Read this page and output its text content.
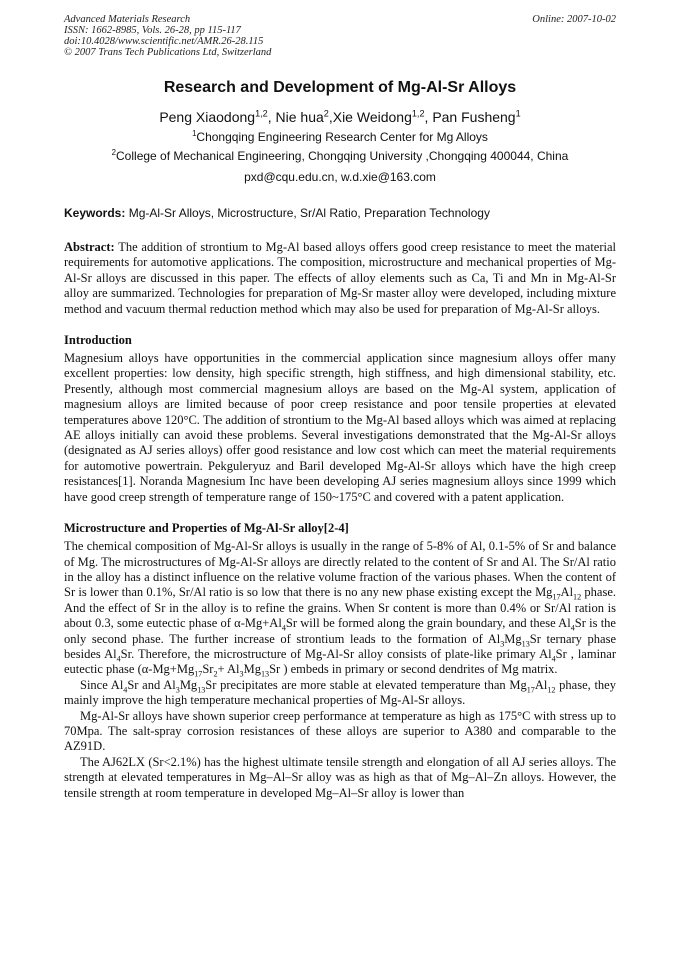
Advanced Materials Research
ISSN: 1662-8985, Vols. 26-28, pp 115-117
doi:10.4028/www.scientific.net/AMR.26-28.115
© 2007 Trans Tech Publications Ltd, Switzerland
Online: 2007-10-02
Research and Development of Mg-Al-Sr Alloys
Peng Xiaodong$^{1,2}$, Nie hua$^2$,Xie Weidong$^{1,2}$, Pan Fusheng$^1$
$^1$Chongqing Engineering Research Center for Mg Alloys
$^2$College of Mechanical Engineering, Chongqing University ,Chongqing 400044, China
pxd@cqu.edu.cn, w.d.xie@163.com
Keywords: Mg-Al-Sr Alloys, Microstructure, Sr/Al Ratio, Preparation Technology
Abstract: The addition of strontium to Mg-Al based alloys offers good creep resistance to meet the material requirements for automotive applications. The composition, microstructure and mechanical properties of Mg-Al-Sr alloys are discussed in this paper. The effects of alloy elements such as Ca, Ti and Mn in Mg-Al-Sr alloy are summarized. Technologies for preparation of Mg-Sr master alloy were developed, including mixture method and vacuum thermal reduction method which may also be used for preparation of Mg-Al-Sr alloys.
Introduction

Magnesium alloys have opportunities in the commercial application since magnesium alloys offer many excellent properties: low density, high specific strength, high stiffness, and high dimensional stability, etc. Presently, although most commercial magnesium alloys are based on the Mg-Al system, application of magnesium alloys are limited because of poor creep resistance and poor tensile properties at elevated temperatures above 120°C. The addition of strontium to the Mg-Al based alloys which was aimed at replacing AE alloys initially can avoid these problems. Several investigations demonstrated that the Mg-Al-Sr alloys (designated as AJ series alloys) offer good resistance and low cost which can meet the material requirements for automotive powertrain. Pekguleryuz and Baril developed Mg-Al-Sr alloys which have the high creep resistances[1]. Noranda Magnesium Inc have been developing AJ series magnesium alloys since 1999 which have good creep strength of temperature range of 150~175°C and covered with a patent application.

Microstructure and Properties of Mg-Al-Sr alloy[2-4]

The chemical composition of Mg-Al-Sr alloys is usually in the range of 5-8% of Al, 0.1-5% of Sr and balance of Mg. The microstructures of Mg-Al-Sr alloys are directly related to the content of Sr and Al. The Sr/Al ratio in the alloy has a distinct influence on the relative volume fraction of the various phases. When the content of Sr is lower than 0.1%, Sr/Al ratio is so low that there is no any new phase existing except the $Mg_{17}Al_{12}$ phase. And the effect of Sr in the alloy is to refine the grains. When Sr content is more than 0.4% or Sr/Al ration is about 0.3, some eutectic phase of $\alpha-Mg+Al_4Sr$ will be formed along the grain boundary, and these $Al_4Sr$ is the only second phase. The further increase of strontium leads to the formation of $Al_3Mg_{13}Sr$ ternary phase besides $Al_4Sr$. Therefore, the microstructure of Mg-Al-Sr alloy consists of plate-like primary $Al_4Sr$ , laminar eutectic phase ($\alpha-Mg+Mg_{17}Sr_2+ Al_3Mg_{13}Sr$ ) embeds in primary or second dendrites of Mg matrix.

Since $Al_4Sr$ and $Al_3Mg_{13}Sr$ precipitates are more stable at elevated temperature than $Mg_{17}Al_{12}$ phase, they mainly improve the high temperature mechanical properties of Mg-Al-Sr alloys.

Mg-Al-Sr alloys have shown superior creep performance at temperature as high as 175°C with stress up to 70Mpa. The salt-spray corrosion resistances of these alloys are superior to A380 and comparable to the AZ91D.

The AJ62LX (Sr<2.1%) has the highest ultimate tensile strength and elongation of all AJ series alloys. The strength at elevated temperatures in Mg–Al–Sr alloy was as high as that of Mg–Al–Zn alloys. However, the tensile strength at room temperature in developed Mg–Al–Sr alloy is lower than
